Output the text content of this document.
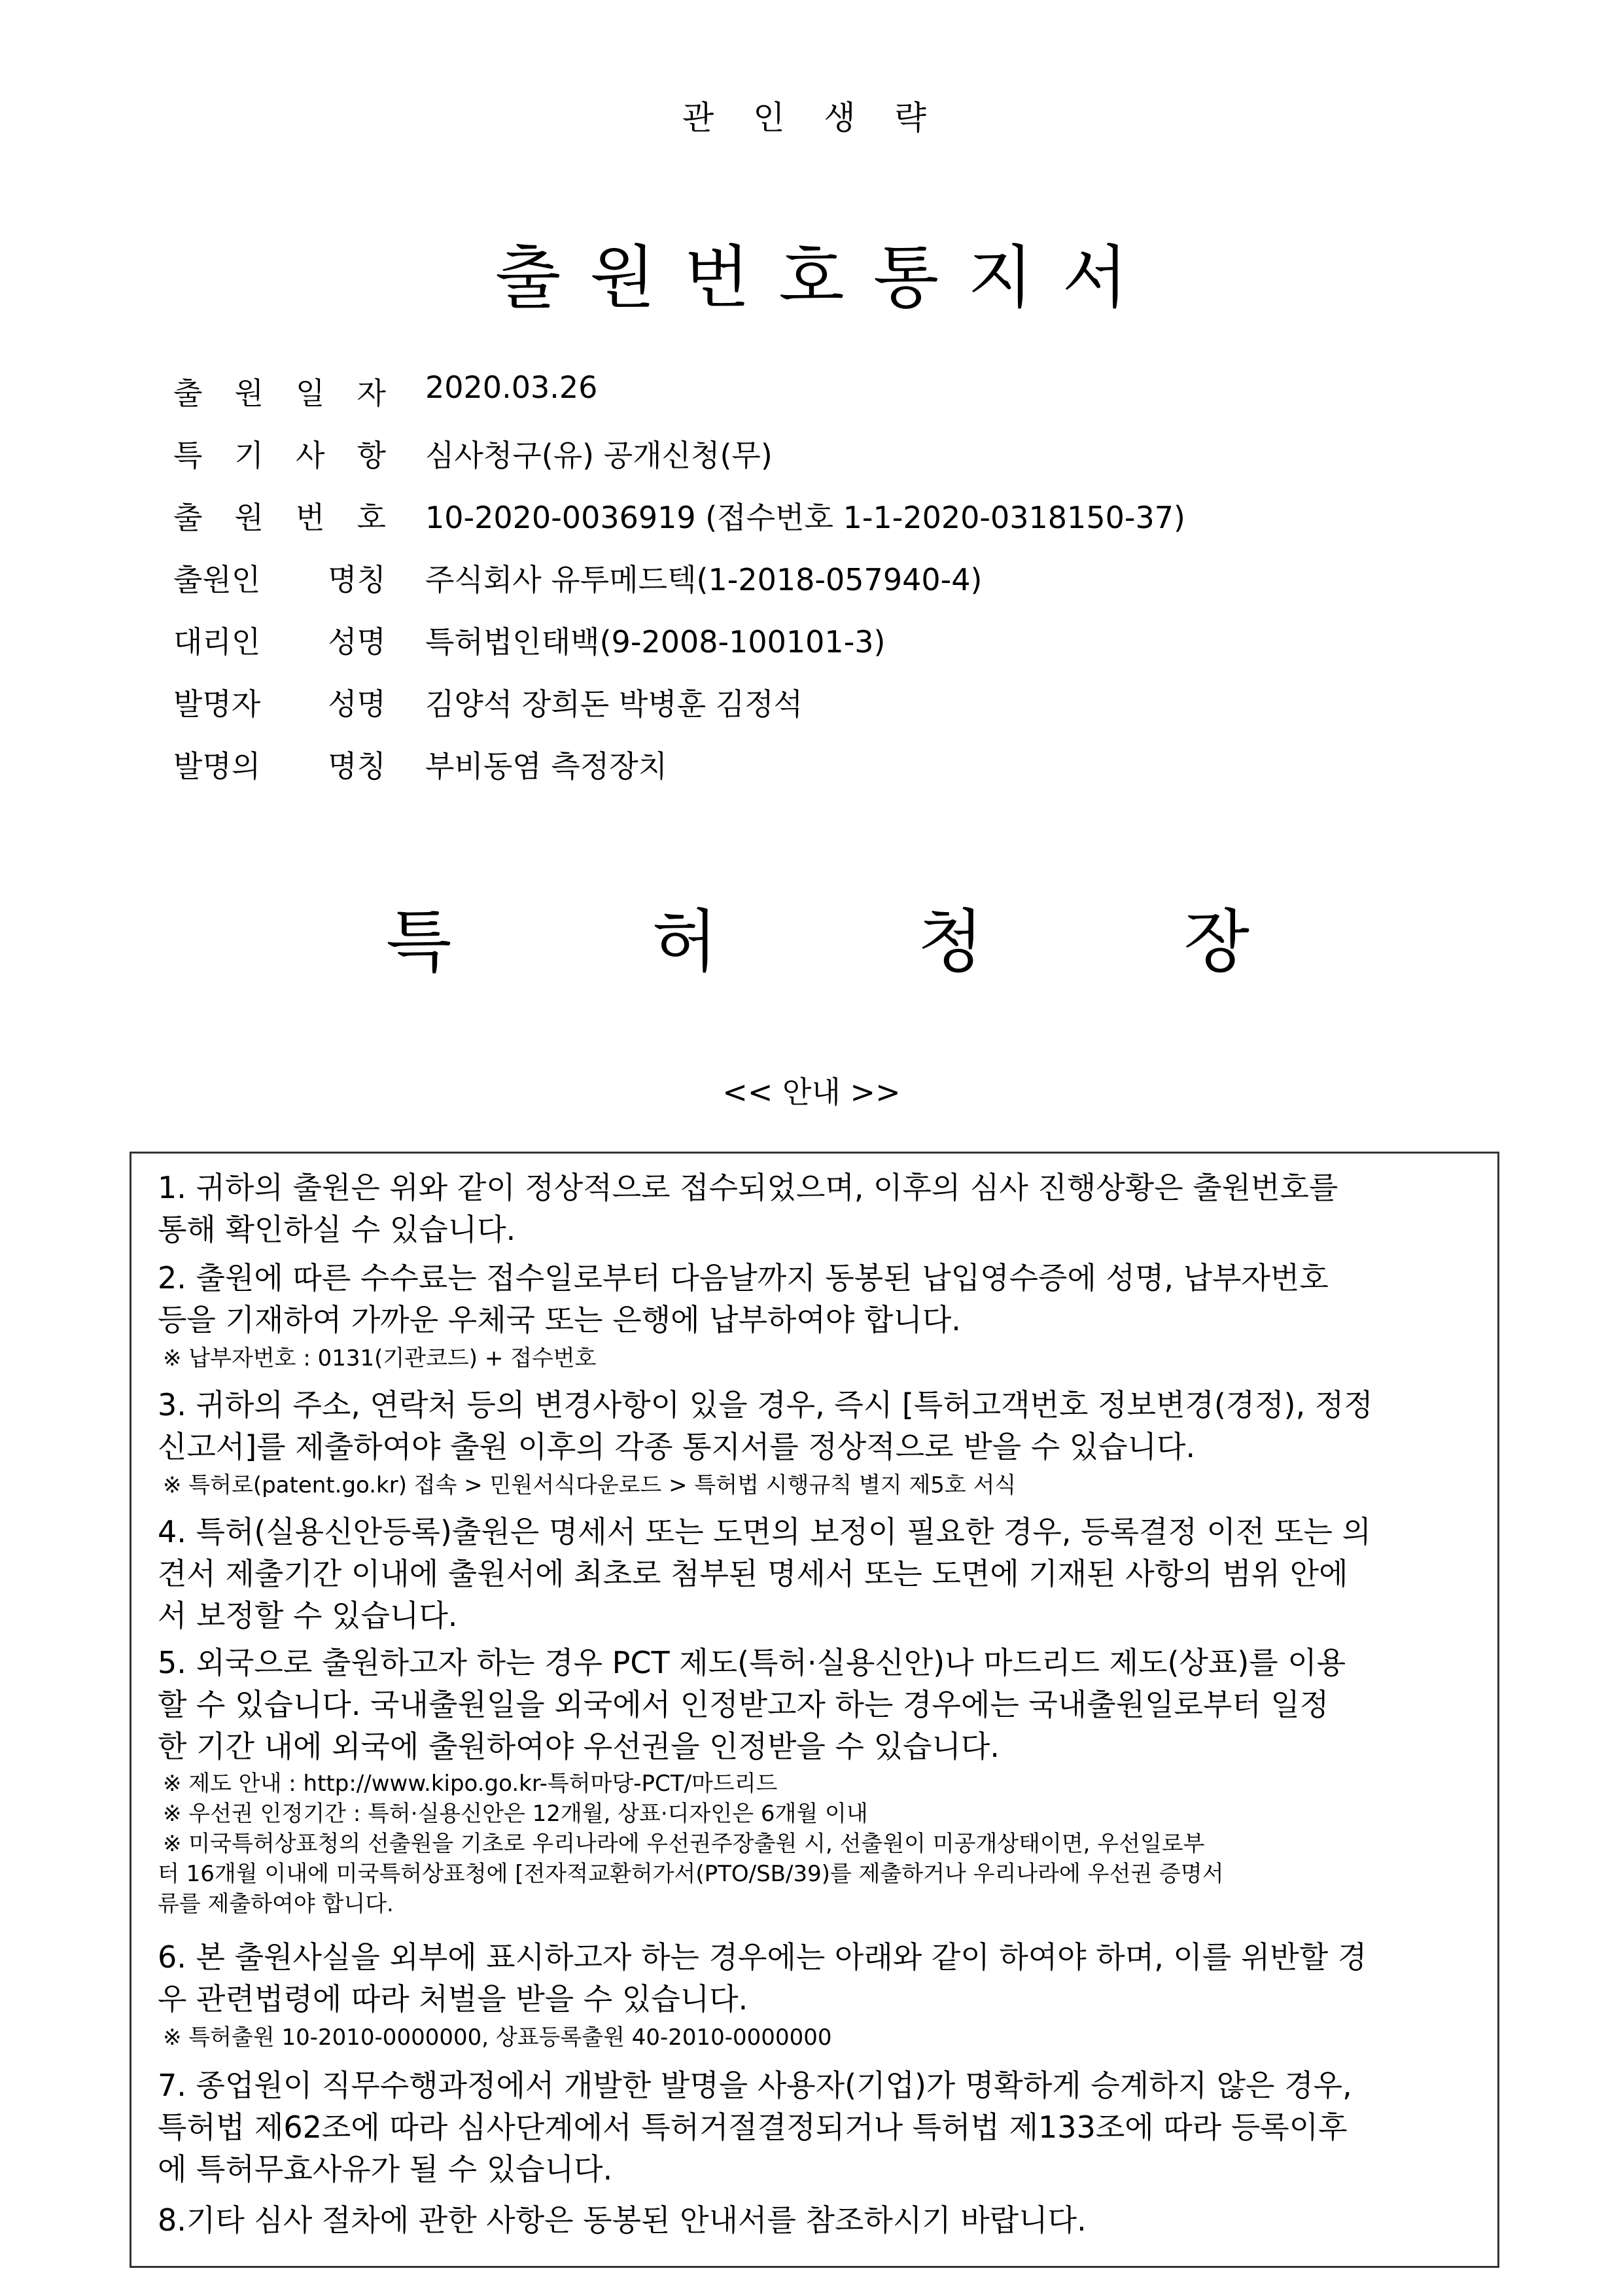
관 인 생 략
출원번호통지서
출 원 일 자 2020.03.26
특 기 사 항 심사청구(유) 공개신청(무)
출 원 번 호 10-2020-0036919 (접수번호 1-1-2020-0318150-37)
출원인 명칭 주식회사 유투메드텍(1-2018-057940-4)
대리인 성명 특허법인태백(9-2008-100101-3)
발명자 성명 김양석 장희돈 박병훈 김정석
발명의 명칭 부비동염 측정장치
특	허	청	장
<< 안내 >>
1. 귀하의 출원은 위와 같이 정상적으로 접수되었으며, 이후의 심사 진행상황은 출원번호를
통해 확인하실 수 있습니다.
2. 출원에 따른 수수료는 접수일로부터 다음날까지 동봉된 납입영수증에 성명, 납부자번호
등을 기재하여 가까운 우체국 또는 은행에 납부하여야 합니다.
※ 납부자번호 : 0131(기관코드) + 접수번호
3. 귀하의 주소, 연락처 등의 변경사항이 있을 경우, 즉시 [특허고객번호 정보변경(경정), 정정
신고서]를 제출하여야 출원 이후의 각종 통지서를 정상적으로 받을 수 있습니다.
※ 특허로(patent.go.kr) 접속 > 민원서식다운로드 > 특허법 시행규칙 별지 제5호 서식
4. 특허(실용신안등록)출원은 명세서 또는 도면의 보정이 필요한 경우, 등록결정 이전 또는 의
견서 제출기간 이내에 출원서에 최초로 첨부된 명세서 또는 도면에 기재된 사항의 범위 안에
서 보정할 수 있습니다.
5. 외국으로 출원하고자 하는 경우 PCT 제도(특허·실용신안)나 마드리드 제도(상표)를 이용
할 수 있습니다. 국내출원일을 외국에서 인정받고자 하는 경우에는 국내출원일로부터 일정
한 기간 내에 외국에 출원하여야 우선권을 인정받을 수 있습니다.
※ 제도 안내 : http://www.kipo.go.kr-특허마당-PCT/마드리드
※ 우선권 인정기간 : 특허·실용신안은 12개월, 상표·디자인은 6개월 이내
※ 미국특허상표청의 선출원을 기초로 우리나라에 우선권주장출원 시, 선출원이 미공개상태이면, 우선일로부
터 16개월 이내에 미국특허상표청에 [전자적교환허가서(PTO/SB/39)를 제출하거나 우리나라에 우선권 증명서
류를 제출하여야 합니다.
6. 본 출원사실을 외부에 표시하고자 하는 경우에는 아래와 같이 하여야 하며, 이를 위반할 경
우 관련법령에 따라 처벌을 받을 수 있습니다.
※ 특허출원 10-2010-0000000, 상표등록출원 40-2010-0000000
7. 종업원이 직무수행과정에서 개발한 발명을 사용자(기업)가 명확하게 승계하지 않은 경우,
특허법 제62조에 따라 심사단계에서 특허거절결정되거나 특허법 제133조에 따라 등록이후
에 특허무효사유가 될 수 있습니다.
8.기타 심사 절차에 관한 사항은 동봉된 안내서를 참조하시기 바랍니다.
